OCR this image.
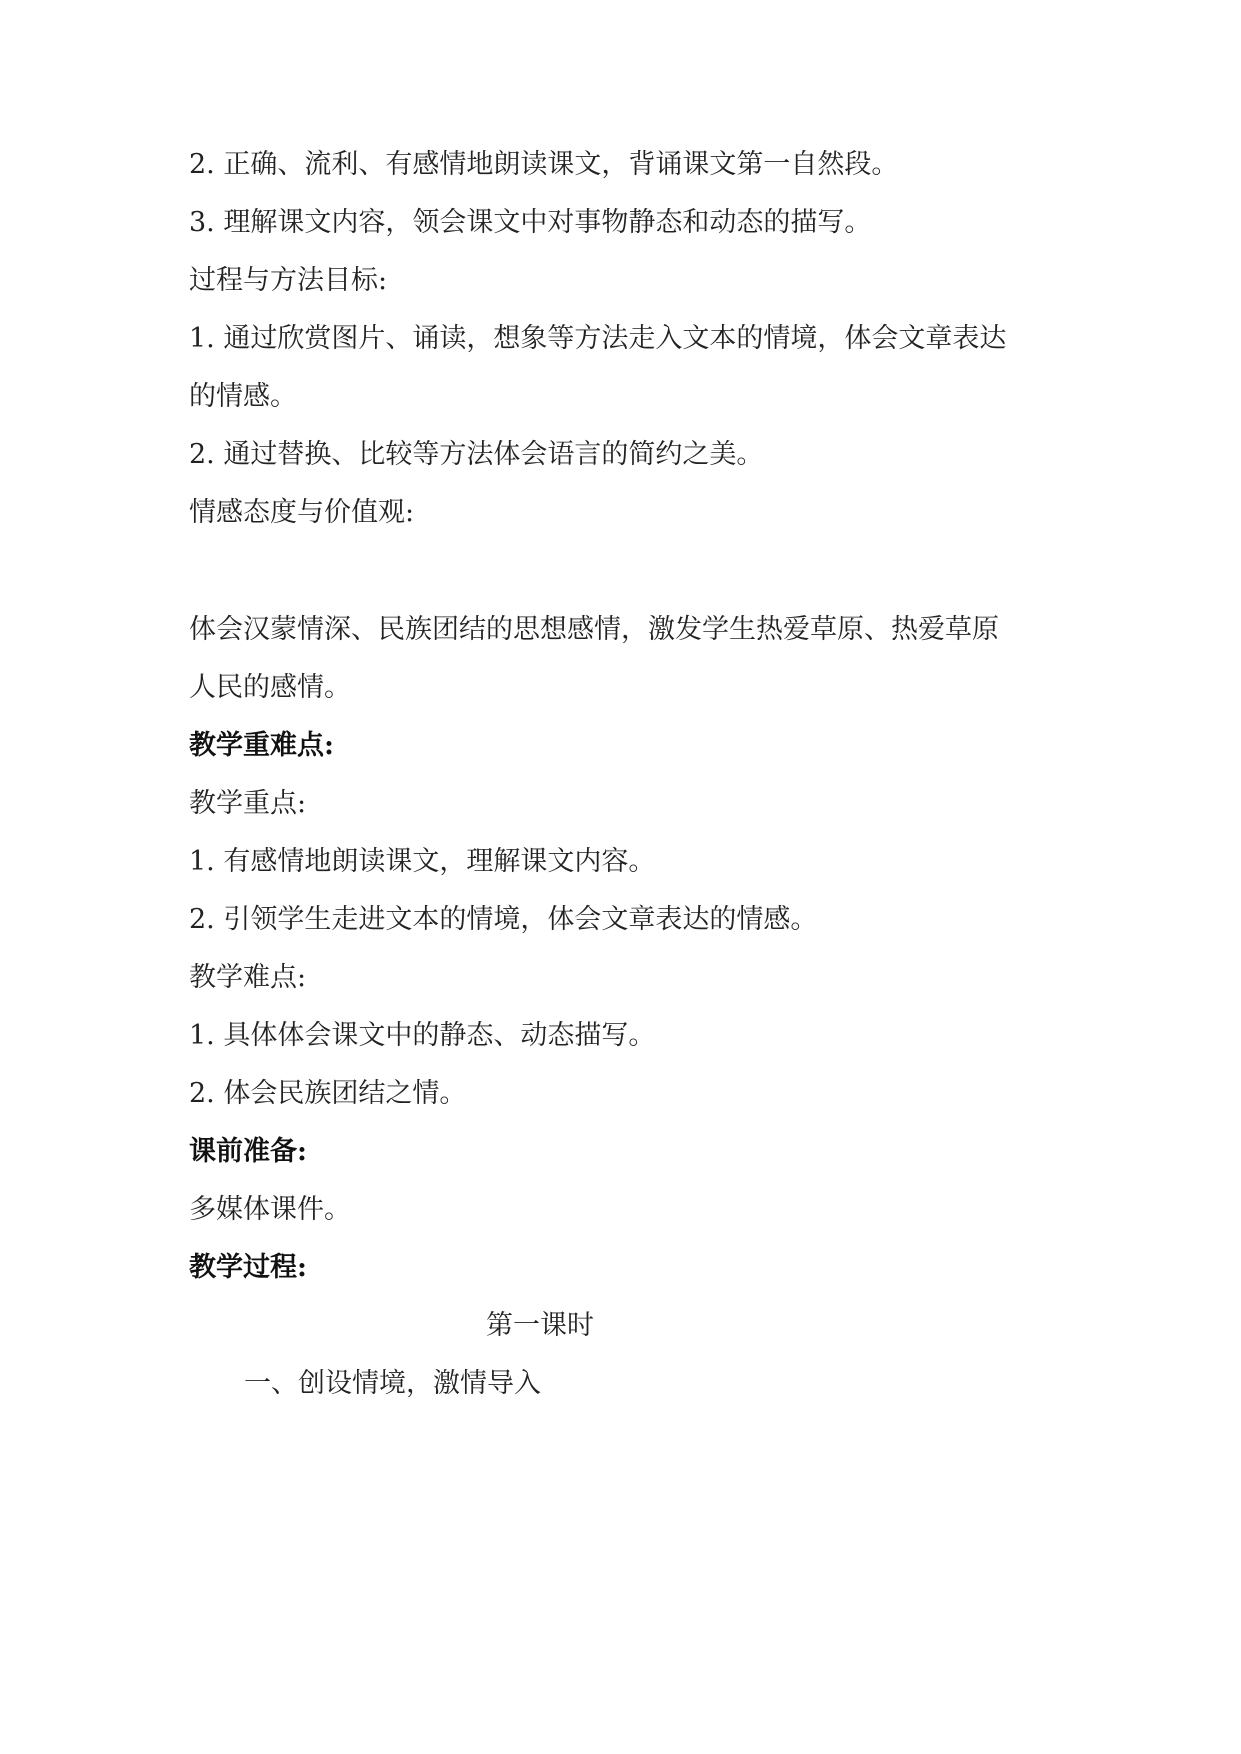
2. 正确、流利、有感情地朗读课文，背诵课文第一自然段。
3. 理解课文内容，领会课文中对事物静态和动态的描写。
过程与方法目标:
1. 通过欣赏图片、诵读，想象等方法走入文本的情境，体会文章表达
的情感。
2. 通过替换、比较等方法体会语言的简约之美。
情感态度与价值观:
体会汉蒙情深、民族团结的思想感情，激发学生热爱草原、热爱草原
人民的感情。
教学重难点:
教学重点:
1. 有感情地朗读课文，理解课文内容。
2. 引领学生走进文本的情境，体会文章表达的情感。
教学难点:
1. 具体体会课文中的静态、动态描写。
2. 体会民族团结之情。
课前准备:
多媒体课件。
教学过程:
第一课时
一、创设情境，激情导入
